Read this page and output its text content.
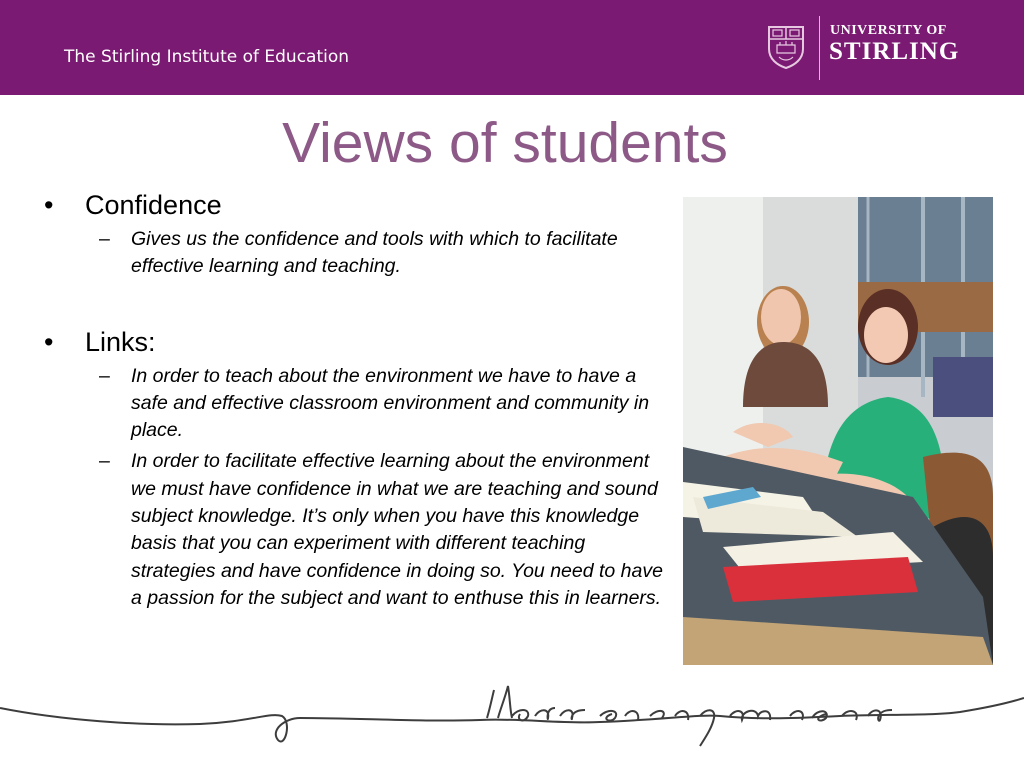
The Stirling Institute of Education
UNIVERSITY OF
STIRLING
Views of students
• Confidence
– Gives us the confidence and tools with which to facilitate effective learning and teaching.
• Links:
– In order to teach about the environment we have to have a safe and effective classroom environment and community in place.
– In order to facilitate effective learning about the environment we must have confidence in what we are teaching and sound subject knowledge. It’s only when you have this knowledge basis that you can experiment with different teaching strategies and have confidence in doing so. You need to have a passion for the subject and want to enthuse this in learners.
